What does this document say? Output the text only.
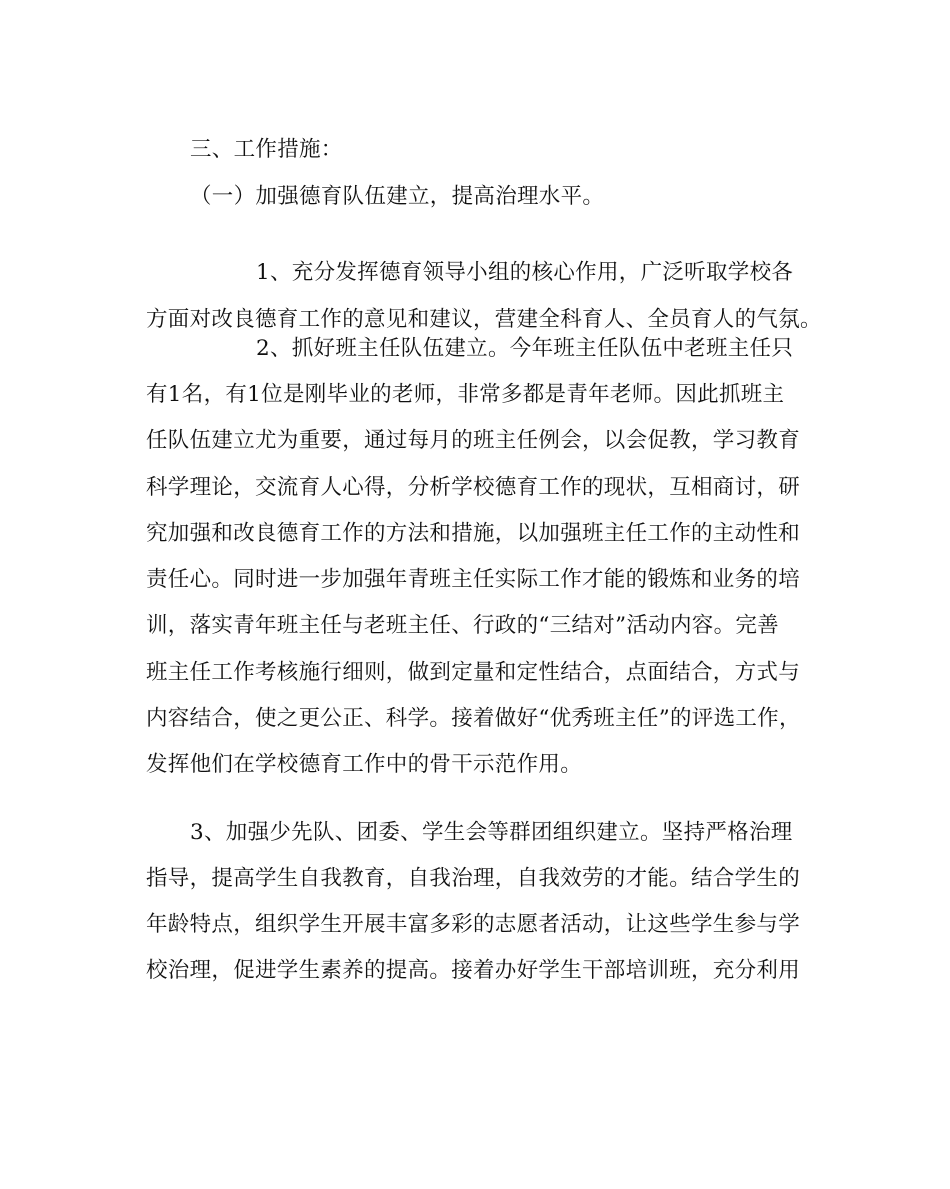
三、工作措施：
（一）加强德育队伍建立，提高治理水平。
1、充分发挥德育领导小组的核心作用，广泛听取学校各
方面对改良德育工作的意见和建议，营建全科育人、全员育人的气氛。
2、抓好班主任队伍建立。今年班主任队伍中老班主任只
有1名，有1位是刚毕业的老师，非常多都是青年老师。因此抓班主
任队伍建立尤为重要，通过每月的班主任例会，以会促教，学习教育
科学理论，交流育人心得，分析学校德育工作的现状，互相商讨，研
究加强和改良德育工作的方法和措施，以加强班主任工作的主动性和
责任心。同时进一步加强年青班主任实际工作才能的锻炼和业务的培
训，落实青年班主任与老班主任、行政的“三结对”活动内容。完善
班主任工作考核施行细则，做到定量和定性结合，点面结合，方式与
内容结合，使之更公正、科学。接着做好“优秀班主任”的评选工作，
发挥他们在学校德育工作中的骨干示范作用。
3、加强少先队、团委、学生会等群团组织建立。坚持严格治理
指导，提高学生自我教育，自我治理，自我效劳的才能。结合学生的
年龄特点，组织学生开展丰富多彩的志愿者活动，让这些学生参与学
校治理，促进学生素养的提高。接着办好学生干部培训班，充分利用
